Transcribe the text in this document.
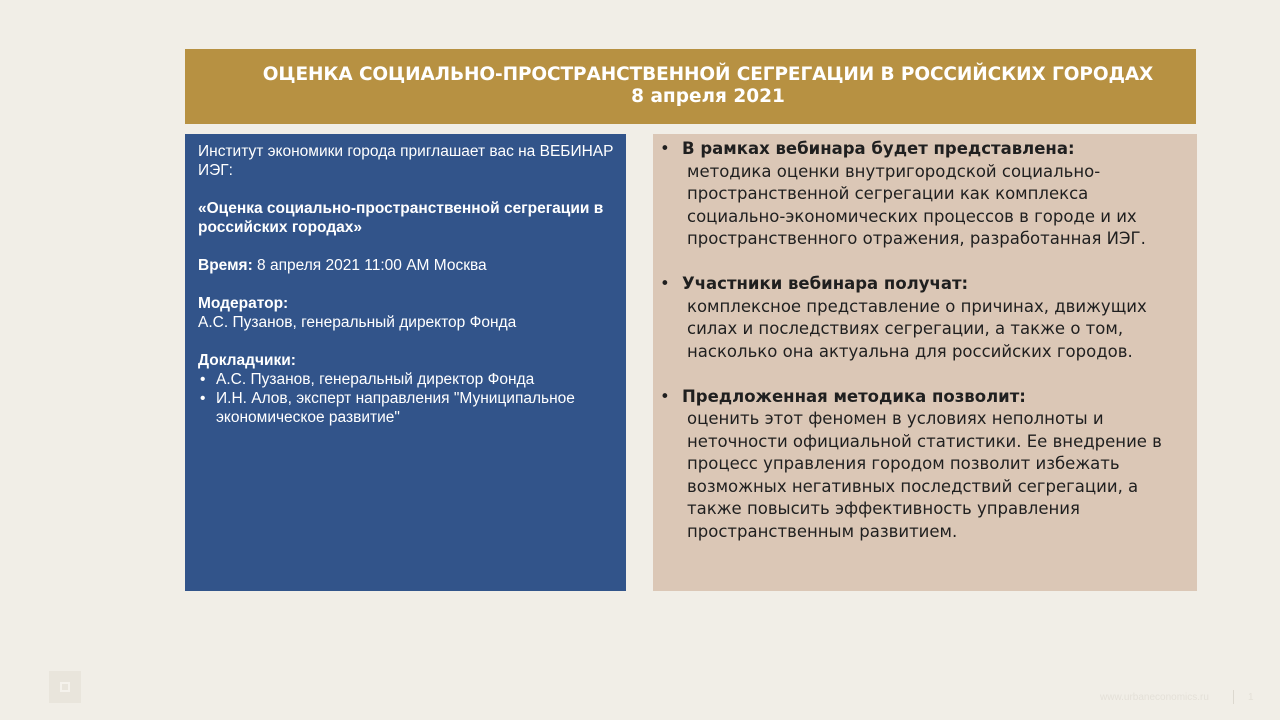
ОЦЕНКА СОЦИАЛЬНО-ПРОСТРАНСТВЕННОЙ СЕГРЕГАЦИИ В РОССИЙСКИХ ГОРОДАХ
8 апреля 2021

Институт экономики города приглашает вас на ВЕБИНАР ИЭГ:

«Оценка социально-пространственной сегрегации в российских городах»

Время: 8 апреля 2021 11:00 AM Москва

Модератор:

А.С. Пузанов, генеральный директор Фонда

Докладчики:

• А.С. Пузанов, генеральный директор Фонда
• И.Н. Алов, эксперт направления "Муниципальное экономическое развитие"
• В рамках вебинара будет представлена:
методика оценки внутригородской социально-пространственной сегрегации как комплекса социально-экономических процессов в городе и их пространственного отражения, разработанная ИЭГ.
• Участники вебинара получат:
комплексное представление о причинах, движущих силах и последствиях сегрегации, а также о том, насколько она актуальна для российских городов.
• Предложенная методика позволит:
оценить этот феномен в условиях неполноты и неточности официальной статистики. Ее внедрение в процесс управления городом позволит избежать возможных негативных последствий сегрегации, а также повысить эффективность управления пространственным развитием.
www.urbaneconomics.ru	1
